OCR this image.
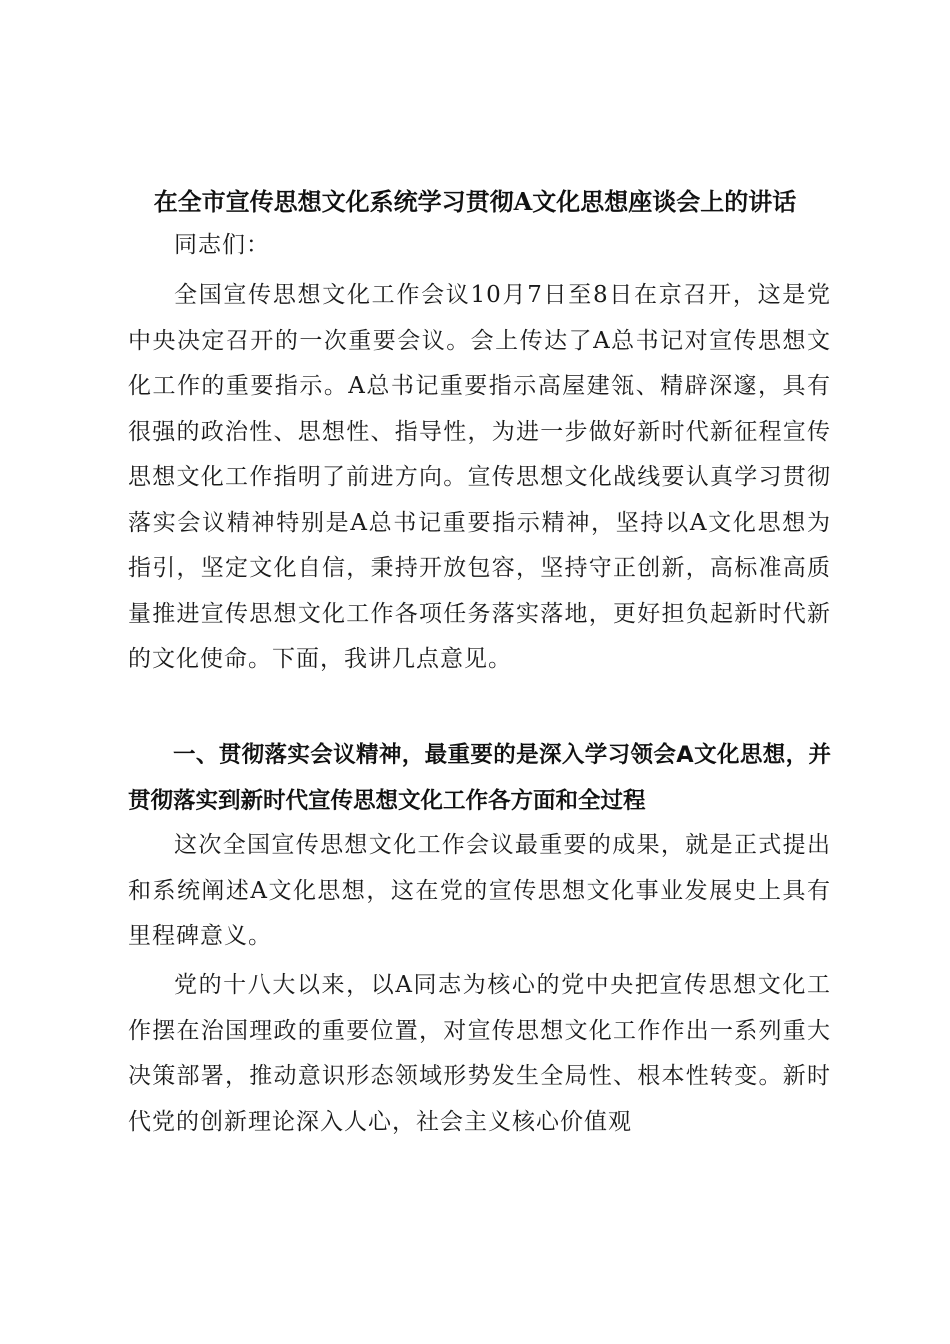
在全市宣传思想文化系统学习贯彻A文化思想座谈会上的讲话

同志们：

全国宣传思想文化工作会议10月7日至8日在京召开，这是党中央决定召开的一次重要会议。会上传达了A总书记对宣传思想文化工作的重要指示。A总书记重要指示高屋建瓴、精辟深邃，具有很强的政治性、思想性、指导性，为进一步做好新时代新征程宣传思想文化工作指明了前进方向。宣传思想文化战线要认真学习贯彻落实会议精神特别是A总书记重要指示精神，坚持以A文化思想为指引，坚定文化自信，秉持开放包容，坚持守正创新，高标准高质量推进宣传思想文化工作各项任务落实落地，更好担负起新时代新的文化使命。下面，我讲几点意见。

一、贯彻落实会议精神，最重要的是深入学习领会A文化思想，并贯彻落实到新时代宣传思想文化工作各方面和全过程

这次全国宣传思想文化工作会议最重要的成果，就是正式提出和系统阐述A文化思想，这在党的宣传思想文化事业发展史上具有里程碑意义。

党的十八大以来，以A同志为核心的党中央把宣传思想文化工作摆在治国理政的重要位置，对宣传思想文化工作作出一系列重大决策部署，推动意识形态领域形势发生全局性、根本性转变。新时代党的创新理论深入人心，社会主义核心价值观
